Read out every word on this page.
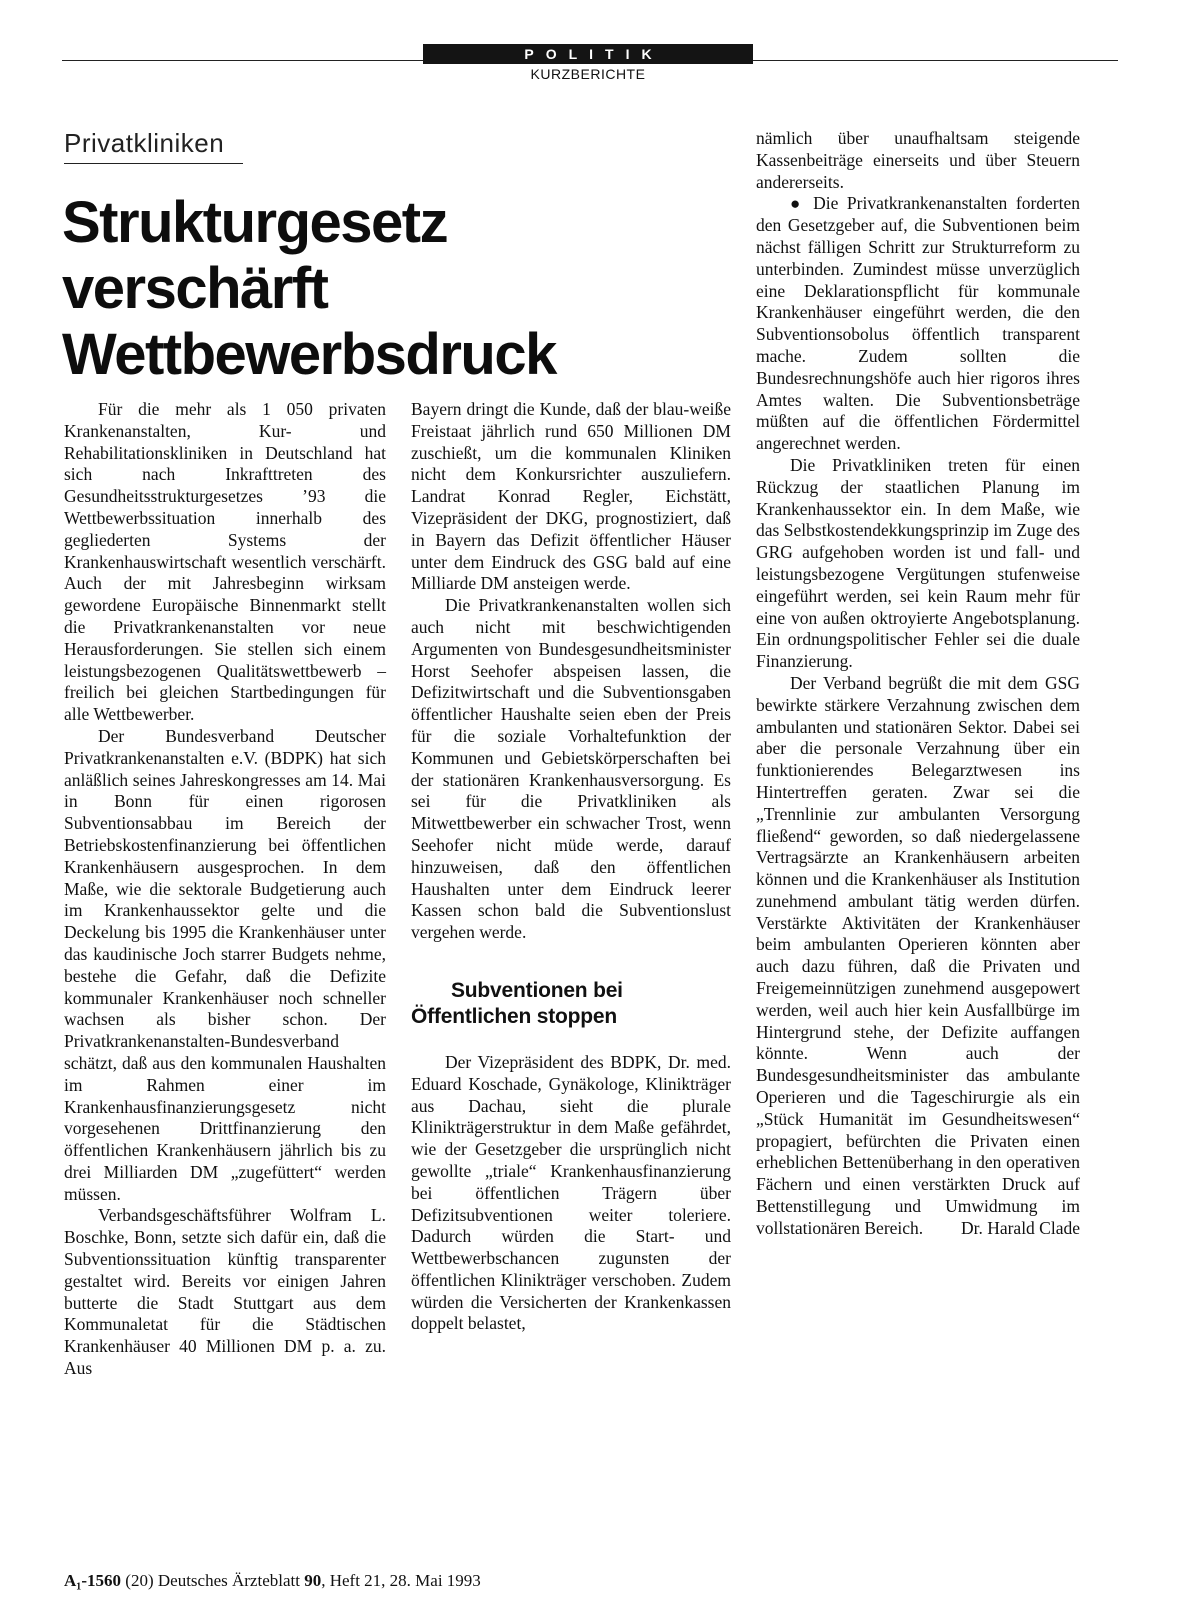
POLITIK
KURZBERICHTE
Privatkliniken
Strukturgesetz
verschärft
Wettbewerbsdruck

Für die mehr als 1 050 privaten Krankenanstalten, Kur- und Rehabilitationskliniken in Deutschland hat sich nach Inkrafttreten des Gesundheitsstrukturgesetzes ’93 die Wettbewerbssituation innerhalb des gegliederten Systems der Krankenhauswirtschaft wesentlich verschärft. Auch der mit Jahresbeginn wirksam gewordene Europäische Binnenmarkt stellt die Privatkrankenanstalten vor neue Herausforderungen. Sie stellen sich einem leistungsbezogenen Qualitätswettbewerb – freilich bei gleichen Startbedingungen für alle Wettbewerber.

Der Bundesverband Deutscher Privatkrankenanstalten e.V. (BDPK) hat sich anläßlich seines Jahreskongresses am 14. Mai in Bonn für einen rigorosen Subventionsabbau im Bereich der Betriebskostenfinanzierung bei öffentlichen Krankenhäusern ausgesprochen. In dem Maße, wie die sektorale Budgetierung auch im Krankenhaussektor gelte und die Deckelung bis 1995 die Krankenhäuser unter das kaudinische Joch starrer Budgets nehme, bestehe die Gefahr, daß die Defizite kommunaler Krankenhäuser noch schneller wachsen als bisher schon. Der Privatkrankenanstalten-Bundesverband schätzt, daß aus den kommunalen Haushalten im Rahmen einer im Krankenhausfinanzierungsgesetz nicht vorgesehenen Drittfinanzierung den öffentlichen Krankenhäusern jährlich bis zu drei Milliarden DM „zugefüttert“ werden müssen.

Verbandsgeschäftsführer Wolfram L. Boschke, Bonn, setzte sich dafür ein, daß die Subventionssituation künftig transparenter gestaltet wird. Bereits vor einigen Jahren butterte die Stadt Stuttgart aus dem Kommunaletat für die Städtischen Krankenhäuser 40 Millionen DM p. a. zu. Aus

Bayern dringt die Kunde, daß der blau-weiße Freistaat jährlich rund 650 Millionen DM zuschießt, um die kommunalen Kliniken nicht dem Konkursrichter auszuliefern. Landrat Konrad Regler, Eichstätt, Vizepräsident der DKG, prognostiziert, daß in Bayern das Defizit öffentlicher Häuser unter dem Eindruck des GSG bald auf eine Milliarde DM ansteigen werde.

Die Privatkrankenanstalten wollen sich auch nicht mit beschwichtigenden Argumenten von Bundesgesundheitsminister Horst Seehofer abspeisen lassen, die Defizitwirtschaft und die Subventionsgaben öffentlicher Haushalte seien eben der Preis für die soziale Vorhaltefunktion der Kommunen und Gebietskörperschaften bei der stationären Krankenhausversorgung. Es sei für die Privatkliniken als Mitwettbewerber ein schwacher Trost, wenn Seehofer nicht müde werde, darauf hinzuweisen, daß den öffentlichen Haushalten unter dem Eindruck leerer Kassen schon bald die Subventionslust vergehen werde.

Subventionen bei
Öffentlichen stoppen

Der Vizepräsident des BDPK, Dr. med. Eduard Koschade, Gynäkologe, Klinikträger aus Dachau, sieht die plurale Klinikträgerstruktur in dem Maße gefährdet, wie der Gesetzgeber die ursprünglich nicht gewollte „triale“ Krankenhausfinanzierung bei öffentlichen Trägern über Defizitsubventionen weiter toleriere. Dadurch würden die Start- und Wettbewerbschancen zugunsten der öffentlichen Klinikträger verschoben. Zudem würden die Versicherten der Krankenkassen doppelt belastet,

nämlich über unaufhaltsam steigende Kassenbeiträge einerseits und über Steuern andererseits.

● Die Privatkrankenanstalten forderten den Gesetzgeber auf, die Subventionen beim nächst fälligen Schritt zur Strukturreform zu unterbinden. Zumindest müsse unverzüglich eine Deklarationspflicht für kommunale Krankenhäuser eingeführt werden, die den Subventionsobolus öffentlich transparent mache. Zudem sollten die Bundesrechnungshöfe auch hier rigoros ihres Amtes walten. Die Subventionsbeträge müßten auf die öffentlichen Fördermittel angerechnet werden.

Die Privatkliniken treten für einen Rückzug der staatlichen Planung im Krankenhaussektor ein. In dem Maße, wie das Selbstkostendekkungsprinzip im Zuge des GRG aufgehoben worden ist und fall- und leistungsbezogene Vergütungen stufenweise eingeführt werden, sei kein Raum mehr für eine von außen oktroyierte Angebotsplanung. Ein ordnungspolitischer Fehler sei die duale Finanzierung.

Der Verband begrüßt die mit dem GSG bewirkte stärkere Verzahnung zwischen dem ambulanten und stationären Sektor. Dabei sei aber die personale Verzahnung über ein funktionierendes Belegarztwesen ins Hintertreffen geraten. Zwar sei die „Trennlinie zur ambulanten Versorgung fließend“ geworden, so daß niedergelassene Vertragsärzte an Krankenhäusern arbeiten können und die Krankenhäuser als Institution zunehmend ambulant tätig werden dürfen. Verstärkte Aktivitäten der Krankenhäuser beim ambulanten Operieren könnten aber auch dazu führen, daß die Privaten und Freigemeinnützigen zunehmend ausgepowert werden, weil auch hier kein Ausfallbürge im Hintergrund stehe, der Defizite auffangen könnte. Wenn auch der Bundesgesundheitsminister das ambulante Operieren und die Tageschirurgie als ein „Stück Humanität im Gesundheitswesen“ propagiert, befürchten die Privaten einen erheblichen Bettenüberhang in den operativen Fächern und einen verstärkten Druck auf Bettenstillegung und Umwidmung im vollstationären Bereich.	Dr. Harald Clade

A₁-1560 (20) Deutsches Ärzteblatt 90, Heft 21, 28. Mai 1993
